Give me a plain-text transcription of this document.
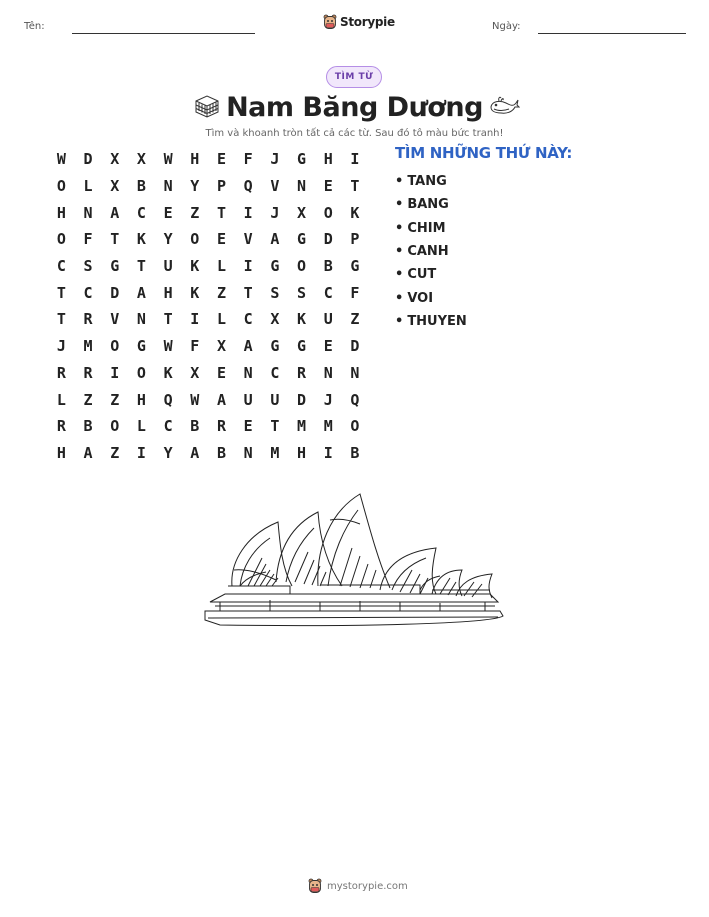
Tên:	Storypie	Ngày:
TÌM TỪ
Nam Băng Dương
Tìm và khoanh tròn tất cả các từ. Sau đó tô màu bức tranh!
W	D	X	X	W	H	E	F	J	G	H	I
O	L	X	B	N	Y	P	Q	V	N	E	T
H	N	A	C	E	Z	T	I	J	X	O	K
O	F	T	K	Y	O	E	V	A	G	D	P
C	S	G	T	U	K	L	I	G	O	B	G
T	C	D	A	H	K	Z	T	S	S	C	F
T	R	V	N	T	I	L	C	X	K	U	Z
J	M	O	G	W	F	X	A	G	G	E	D
R	R	I	O	K	X	E	N	C	R	N	N
L	Z	Z	H	Q	W	A	U	U	D	J	Q
R	B	O	L	C	B	R	E	T	M	M	O
H	A	Z	I	Y	A	B	N	M	H	I	B
TÌM NHỮNG THỨ NÀY:
• TANG
• BANG
• CHIM
• CANH
• CUT
• VOI
• THUYEN
mystorypie.com
